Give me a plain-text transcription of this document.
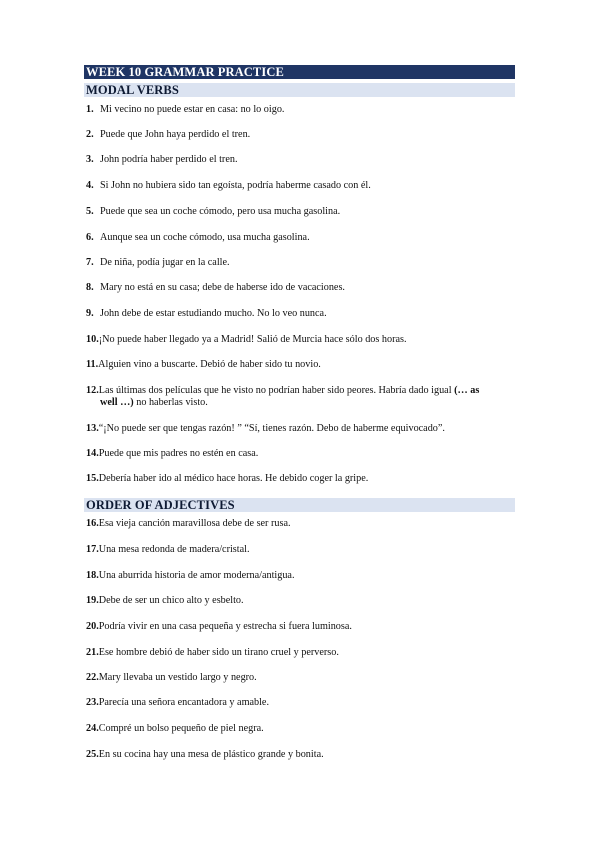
WEEK 10 GRAMMAR PRACTICE
MODAL VERBS
1. Mi vecino no puede estar en casa: no lo oigo.
2. Puede que John haya perdido el tren.
3. John podría haber perdido el tren.
4. Si John no hubiera sido tan egoísta, podría haberme casado con él.
5. Puede que sea un coche cómodo, pero usa mucha gasolina.
6. Aunque sea un coche cómodo, usa mucha gasolina.
7. De niña, podía jugar en la calle.
8. Mary no está en su casa; debe de haberse ido de vacaciones.
9. John debe de estar estudiando mucho. No lo veo nunca.
10.¡No puede haber llegado ya a Madrid! Salió de Murcia hace sólo dos horas.
11.Alguien vino a buscarte. Debió de haber sido tu novio.
12.Las últimas dos películas que he visto no podrían haber sido peores. Habría dado igual (… as
well …) no haberlas visto.
13.“¡No puede ser que tengas razón! ” “Sí, tienes razón. Debo de haberme equivocado”.
14.Puede que mis padres no estén en casa.
15.Debería haber ido al médico hace horas. He debido coger la gripe.
ORDER OF ADJECTIVES
16.Esa vieja canción maravillosa debe de ser rusa.
17.Una mesa redonda de madera/cristal.
18.Una aburrida historia de amor moderna/antigua.
19.Debe de ser un chico alto y esbelto.
20.Podría vivir en una casa pequeña y estrecha si fuera luminosa.
21.Ese hombre debió de haber sido un tirano cruel y perverso.
22.Mary llevaba un vestido largo y negro.
23.Parecía una señora encantadora y amable.
24.Compré un bolso pequeño de piel negra.
25.En su cocina hay una mesa de plástico grande y bonita.
